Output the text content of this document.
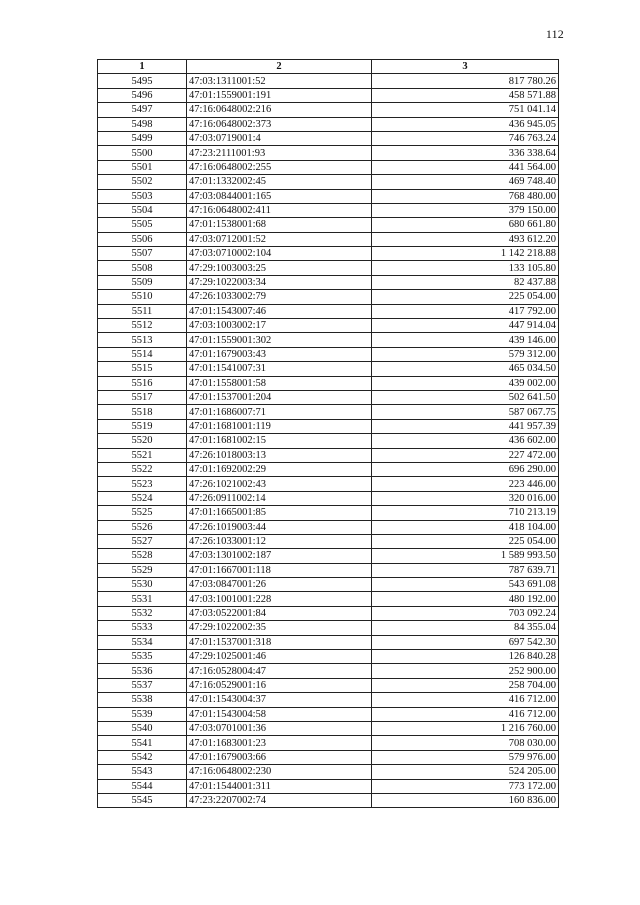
112
1	2	3
5495	47:03:1311001:52	817 780.26
5496	47:01:1559001:191	458 571.88
5497	47:16:0648002:216	751 041.14
5498	47:16:0648002:373	436 945.05
5499	47:03:0719001:4	746 763.24
5500	47:23:2111001:93	336 338.64
5501	47:16:0648002:255	441 564.00
5502	47:01:1332002:45	469 748.40
5503	47:03:0844001:165	768 480.00
5504	47:16:0648002:411	379 150.00
5505	47:01:1538001:68	680 661.80
5506	47:03:0712001:52	493 612.20
5507	47:03:0710002:104	1 142 218.88
5508	47:29:1003003:25	133 105.80
5509	47:29:1022003:34	82 437.88
5510	47:26:1033002:79	225 054.00
5511	47:01:1543007:46	417 792.00
5512	47:03:1003002:17	447 914.04
5513	47:01:1559001:302	439 146.00
5514	47:01:1679003:43	579 312.00
5515	47:01:1541007:31	465 034.50
5516	47:01:1558001:58	439 002.00
5517	47:01:1537001:204	502 641.50
5518	47:01:1686007:71	587 067.75
5519	47:01:1681001:119	441 957.39
5520	47:01:1681002:15	436 602.00
5521	47:26:1018003:13	227 472.00
5522	47:01:1692002:29	696 290.00
5523	47:26:1021002:43	223 446.00
5524	47:26:0911002:14	320 016.00
5525	47:01:1665001:85	710 213.19
5526	47:26:1019003:44	418 104.00
5527	47:26:1033001:12	225 054.00
5528	47:03:1301002:187	1 589 993.50
5529	47:01:1667001:118	787 639.71
5530	47:03:0847001:26	543 691.08
5531	47:03:1001001:228	480 192.00
5532	47:03:0522001:84	703 092.24
5533	47:29:1022002:35	84 355.04
5534	47:01:1537001:318	697 542.30
5535	47:29:1025001:46	126 840.28
5536	47:16:0528004:47	252 900.00
5537	47:16:0529001:16	258 704.00
5538	47:01:1543004:37	416 712.00
5539	47:01:1543004:58	416 712.00
5540	47:03:0701001:36	1 216 760.00
5541	47:01:1683001:23	708 030.00
5542	47:01:1679003:66	579 976.00
5543	47:16:0648002:230	524 205.00
5544	47:01:1544001:311	773 172.00
5545	47:23:2207002:74	160 836.00
